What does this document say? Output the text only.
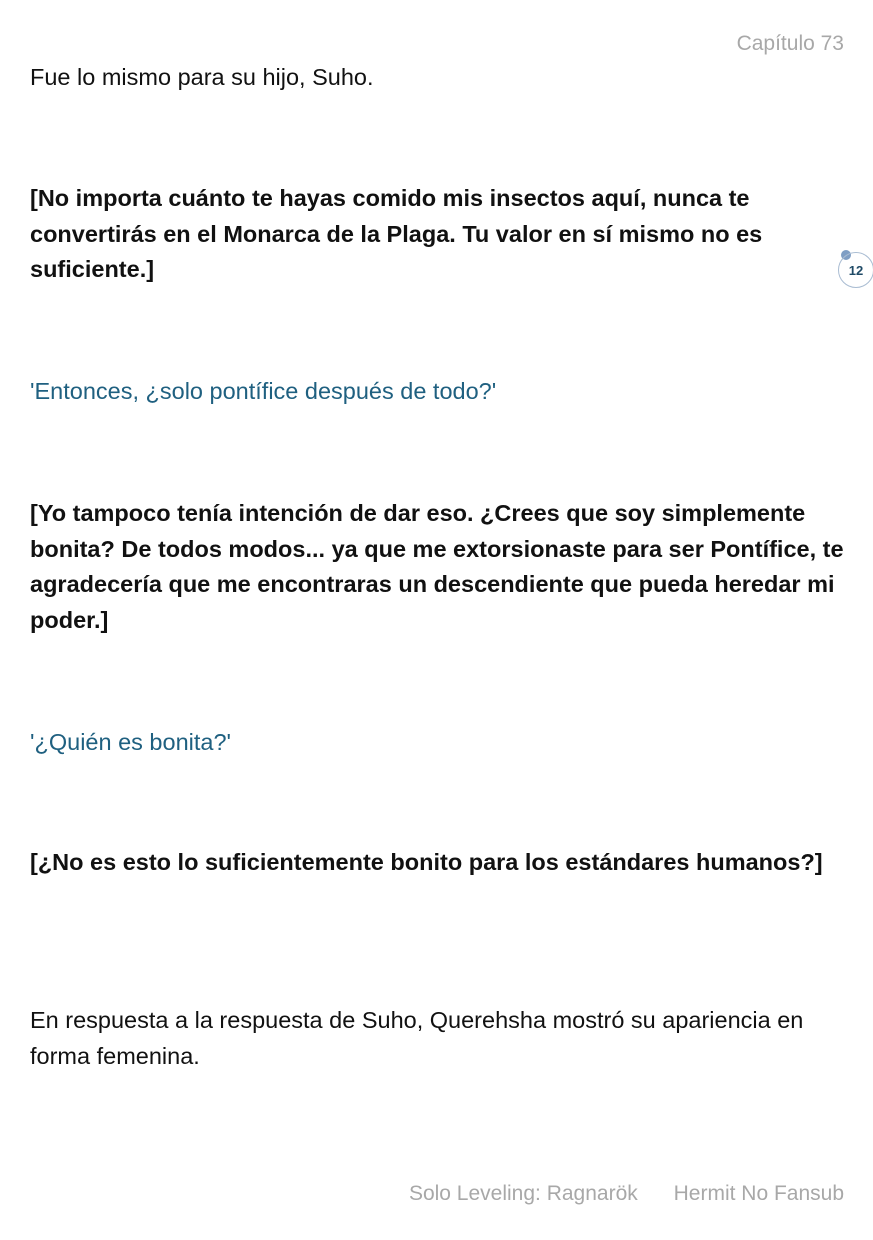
Capítulo 73

Fue lo mismo para su hijo, Suho.

[No importa cuánto te hayas comido mis insectos aquí, nunca te convertirás en el Monarca de la Plaga. Tu valor en sí mismo no es suficiente.]	12

'Entonces, ¿solo pontífice después de todo?'

[Yo tampoco tenía intención de dar eso. ¿Crees que soy simplemente bonita? De todos modos... ya que me extorsionaste para ser Pontífice, te agradecería que me encontraras un descendiente que pueda heredar mi poder.]

'¿Quién es bonita?'

[¿No es esto lo suficientemente bonito para los estándares humanos?]

En respuesta a la respuesta de Suho, Querehsha mostró su apariencia en forma femenina.

Solo Leveling: Ragnarök Hermit No Fansub
